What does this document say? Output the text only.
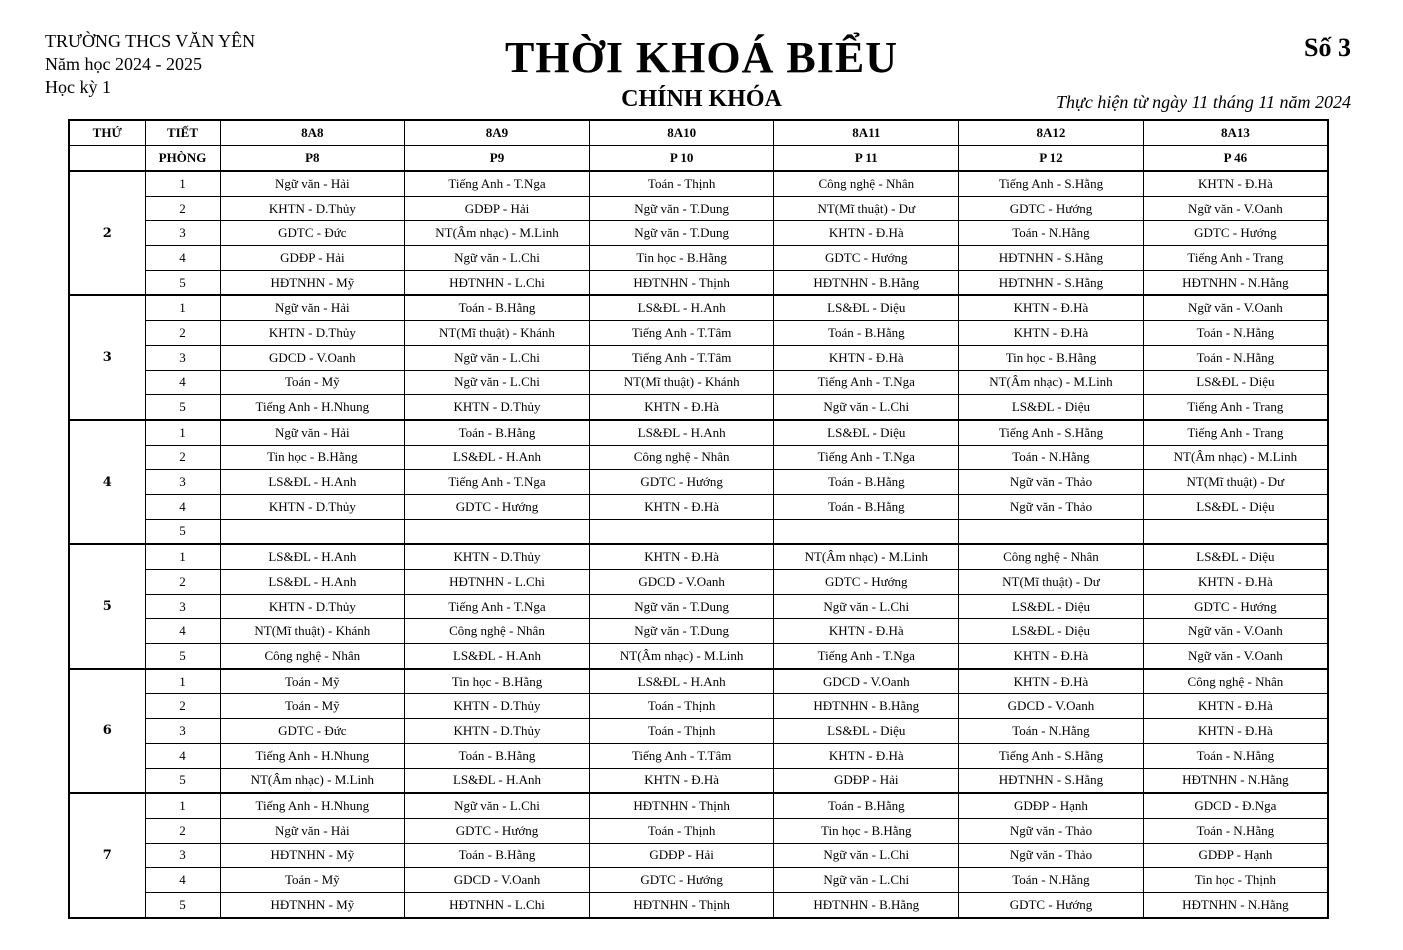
TRƯỜNG THCS VĂN YÊN
Năm học 2024 - 2025
Học kỳ 1
THỜI KHOÁ BIỂU
CHÍNH KHÓA
Số 3
Thực hiện từ ngày 11 tháng 11 năm 2024
THỨ	TIẾT	8A8	8A9	8A10	8A11	8A12	8A13
	PHÒNG	P8	P9	P 10	P 11	P 12	P 46
2	1	Ngữ văn - Hải	Tiếng Anh - T.Nga	Toán - Thịnh	Công nghệ - Nhân	Tiếng Anh - S.Hằng	KHTN - Đ.Hà
	2	KHTN - D.Thủy	GDĐP - Hải	Ngữ văn - T.Dung	NT(Mĩ thuật) - Dư	GDTC - Hướng	Ngữ văn - V.Oanh
	3	GDTC - Đức	NT(Âm nhạc) - M.Linh	Ngữ văn - T.Dung	KHTN - Đ.Hà	Toán - N.Hằng	GDTC - Hướng
	4	GDĐP - Hải	Ngữ văn - L.Chi	Tin học - B.Hằng	GDTC - Hướng	HĐTNHN - S.Hằng	Tiếng Anh - Trang
	5	HĐTNHN - Mỹ	HĐTNHN - L.Chi	HĐTNHN - Thịnh	HĐTNHN - B.Hằng	HĐTNHN - S.Hằng	HĐTNHN - N.Hằng
3	1	Ngữ văn - Hải	Toán - B.Hằng	LS&ĐL - H.Anh	LS&ĐL - Diệu	KHTN - Đ.Hà	Ngữ văn - V.Oanh
	2	KHTN - D.Thủy	NT(Mĩ thuật) - Khánh	Tiếng Anh - T.Tâm	Toán - B.Hằng	KHTN - Đ.Hà	Toán - N.Hằng
	3	GDCD - V.Oanh	Ngữ văn - L.Chi	Tiếng Anh - T.Tâm	KHTN - Đ.Hà	Tin học - B.Hằng	Toán - N.Hằng
	4	Toán - Mỹ	Ngữ văn - L.Chi	NT(Mĩ thuật) - Khánh	Tiếng Anh - T.Nga	NT(Âm nhạc) - M.Linh	LS&ĐL - Diệu
	5	Tiếng Anh - H.Nhung	KHTN - D.Thủy	KHTN - Đ.Hà	Ngữ văn - L.Chi	LS&ĐL - Diệu	Tiếng Anh - Trang
4	1	Ngữ văn - Hải	Toán - B.Hằng	LS&ĐL - H.Anh	LS&ĐL - Diệu	Tiếng Anh - S.Hằng	Tiếng Anh - Trang
	2	Tin học - B.Hằng	LS&ĐL - H.Anh	Công nghệ - Nhân	Tiếng Anh - T.Nga	Toán - N.Hằng	NT(Âm nhạc) - M.Linh
	3	LS&ĐL - H.Anh	Tiếng Anh - T.Nga	GDTC - Hướng	Toán - B.Hằng	Ngữ văn - Thảo	NT(Mĩ thuật) - Dư
	4	KHTN - D.Thủy	GDTC - Hướng	KHTN - Đ.Hà	Toán - B.Hằng	Ngữ văn - Thảo	LS&ĐL - Diệu
	5						
5	1	LS&ĐL - H.Anh	KHTN - D.Thủy	KHTN - Đ.Hà	NT(Âm nhạc) - M.Linh	Công nghệ - Nhân	LS&ĐL - Diệu
	2	LS&ĐL - H.Anh	HĐTNHN - L.Chi	GDCD - V.Oanh	GDTC - Hướng	NT(Mĩ thuật) - Dư	KHTN - Đ.Hà
	3	KHTN - D.Thủy	Tiếng Anh - T.Nga	Ngữ văn - T.Dung	Ngữ văn - L.Chi	LS&ĐL - Diệu	GDTC - Hướng
	4	NT(Mĩ thuật) - Khánh	Công nghệ - Nhân	Ngữ văn - T.Dung	KHTN - Đ.Hà	LS&ĐL - Diệu	Ngữ văn - V.Oanh
	5	Công nghệ - Nhân	LS&ĐL - H.Anh	NT(Âm nhạc) - M.Linh	Tiếng Anh - T.Nga	KHTN - Đ.Hà	Ngữ văn - V.Oanh
6	1	Toán - Mỹ	Tin học - B.Hằng	LS&ĐL - H.Anh	GDCD - V.Oanh	KHTN - Đ.Hà	Công nghệ - Nhân
	2	Toán - Mỹ	KHTN - D.Thủy	Toán - Thịnh	HĐTNHN - B.Hằng	GDCD - V.Oanh	KHTN - Đ.Hà
	3	GDTC - Đức	KHTN - D.Thủy	Toán - Thịnh	LS&ĐL - Diệu	Toán - N.Hằng	KHTN - Đ.Hà
	4	Tiếng Anh - H.Nhung	Toán - B.Hằng	Tiếng Anh - T.Tâm	KHTN - Đ.Hà	Tiếng Anh - S.Hằng	Toán - N.Hằng
	5	NT(Âm nhạc) - M.Linh	LS&ĐL - H.Anh	KHTN - Đ.Hà	GDĐP - Hải	HĐTNHN - S.Hằng	HĐTNHN - N.Hằng
7	1	Tiếng Anh - H.Nhung	Ngữ văn - L.Chi	HĐTNHN - Thịnh	Toán - B.Hằng	GDĐP - Hạnh	GDCD - Đ.Nga
	2	Ngữ văn - Hải	GDTC - Hướng	Toán - Thịnh	Tin học - B.Hằng	Ngữ văn - Thảo	Toán - N.Hằng
	3	HĐTNHN - Mỹ	Toán - B.Hằng	GDĐP - Hải	Ngữ văn - L.Chi	Ngữ văn - Thảo	GDĐP - Hạnh
	4	Toán - Mỹ	GDCD - V.Oanh	GDTC - Hướng	Ngữ văn - L.Chi	Toán - N.Hằng	Tin học - Thịnh
	5	HĐTNHN - Mỹ	HĐTNHN - L.Chi	HĐTNHN - Thịnh	HĐTNHN - B.Hằng	GDTC - Hướng	HĐTNHN - N.Hằng
